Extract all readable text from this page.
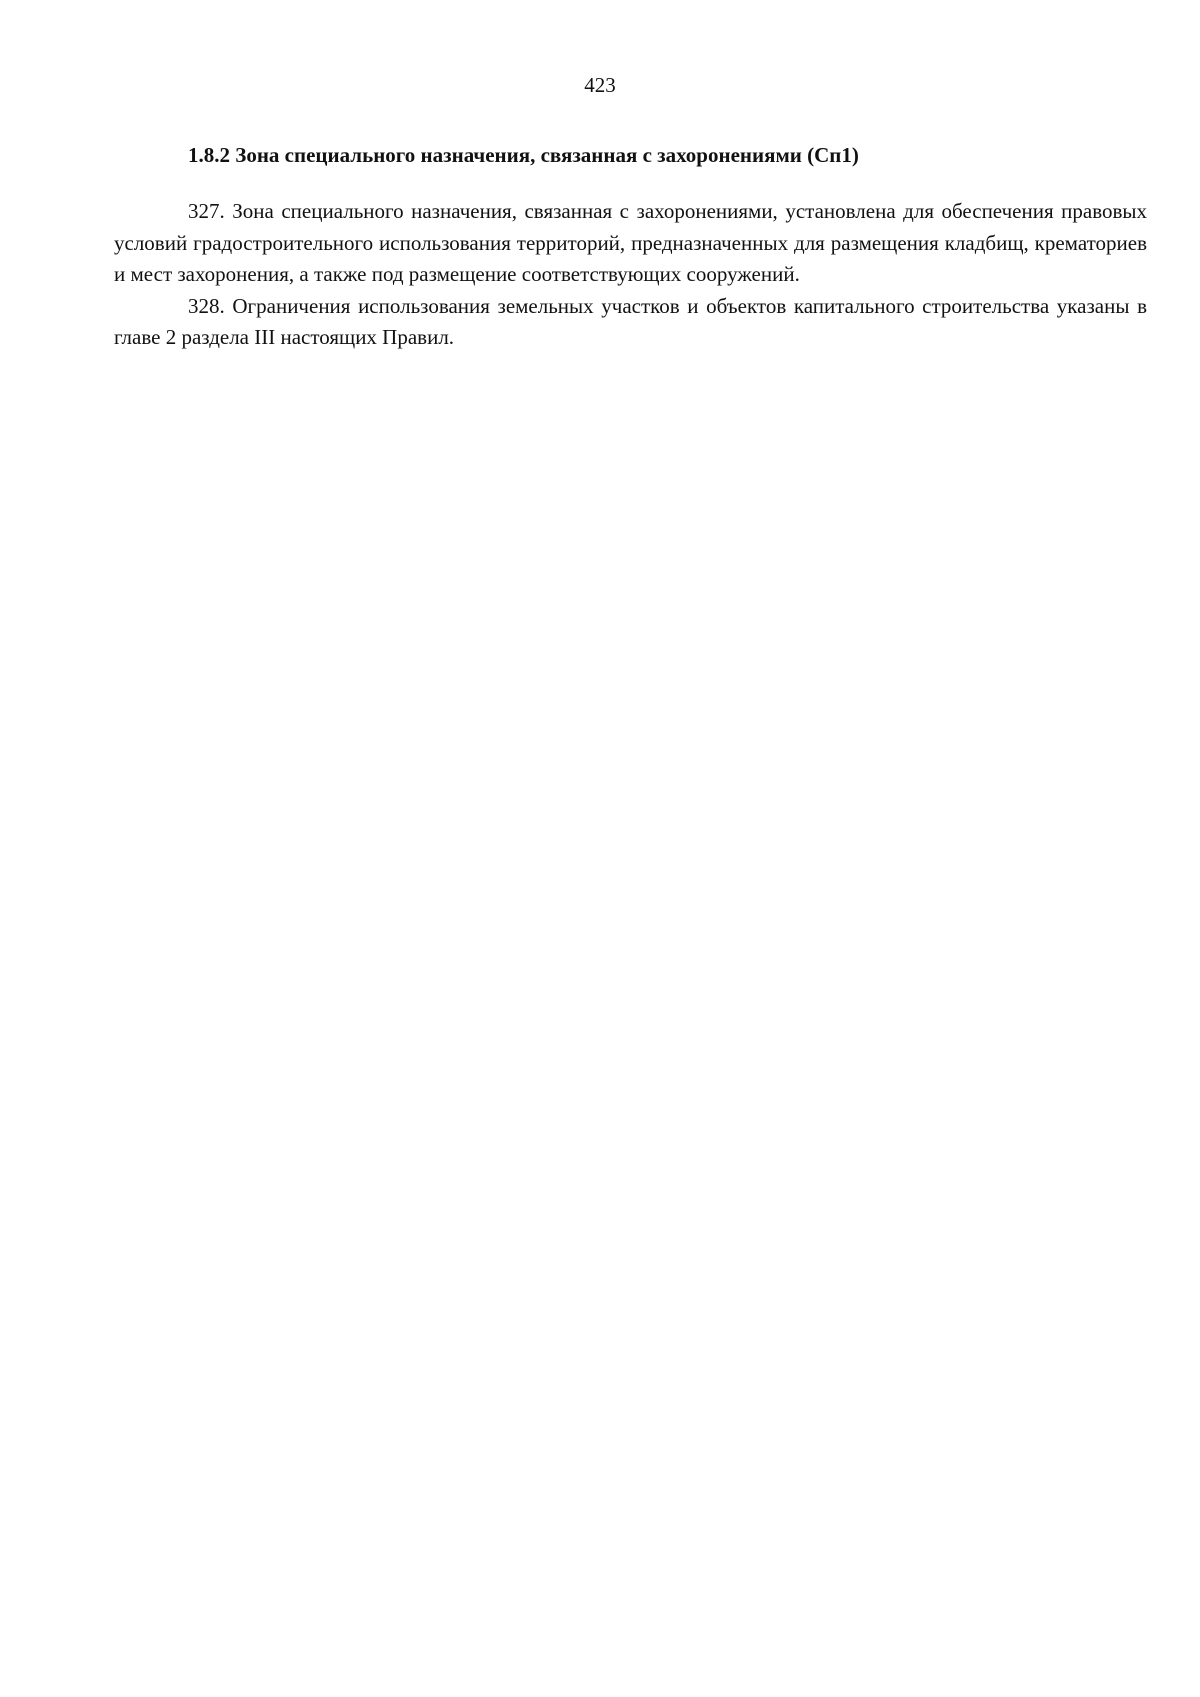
423
1.8.2 Зона специального назначения, связанная с захоронениями (Сп1)

327. Зона специального назначения, связанная с захоронениями, установлена для обеспечения правовых условий градостроительного использования территорий, предназначенных для размещения кладбищ, крематориев и мест захоронения, а также под размещение соответствующих сооружений.

328. Ограничения использования земельных участков и объектов капитального строительства указаны в главе 2 раздела III настоящих Правил.
